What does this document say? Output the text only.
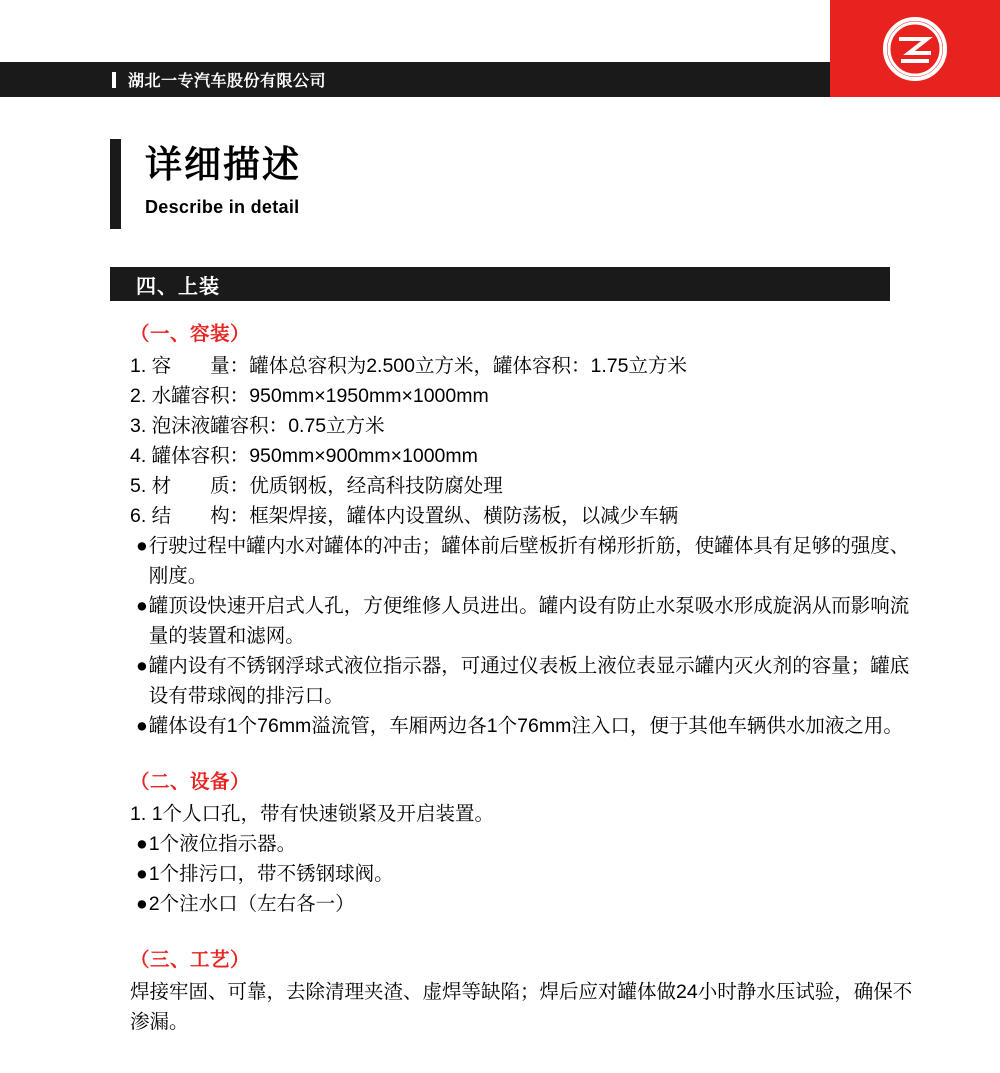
湖北一专汽车股份有限公司
详细描述
Describe in detail
四、上装
（一、容装）
1. 容　　量： 罐体总容积为2.500立方米，罐体容积：1.75立方米
2. 水罐容积： 950mm×1950mm×1000mm
3. 泡沫液罐容积： 0.75立方米
4. 罐体容积： 950mm×900mm×1000mm
5. 材　　质： 优质钢板，经高科技防腐处理
6. 结　　构： 框架焊接，罐体内设置纵、横防荡板，以减少车辆
● 行驶过程中罐内水对罐体的冲击；罐体前后壁板折有梯形折筋，使罐体具有足够的强度、刚度。
● 罐顶设快速开启式人孔，方便维修人员进出。罐内设有防止水泵吸水形成旋涡从而影响流量的装置和滤网。
● 罐内设有不锈钢浮球式液位指示器，可通过仪表板上液位表显示罐内灭火剂的容量；罐底设有带球阀的排污口。
● 罐体设有1个76mm溢流管，车厢两边各1个76mm注入口，便于其他车辆供水加液之用。
（二、设备）
1. 1个人口孔，带有快速锁紧及开启装置。
● 1个液位指示器。
● 1个排污口，带不锈钢球阀。
● 2个注水口（左右各一）
（三、工艺）
焊接牢固、可靠，去除清理夹渣、虚焊等缺陷；焊后应对罐体做24小时静水压试验，确保不渗漏。
